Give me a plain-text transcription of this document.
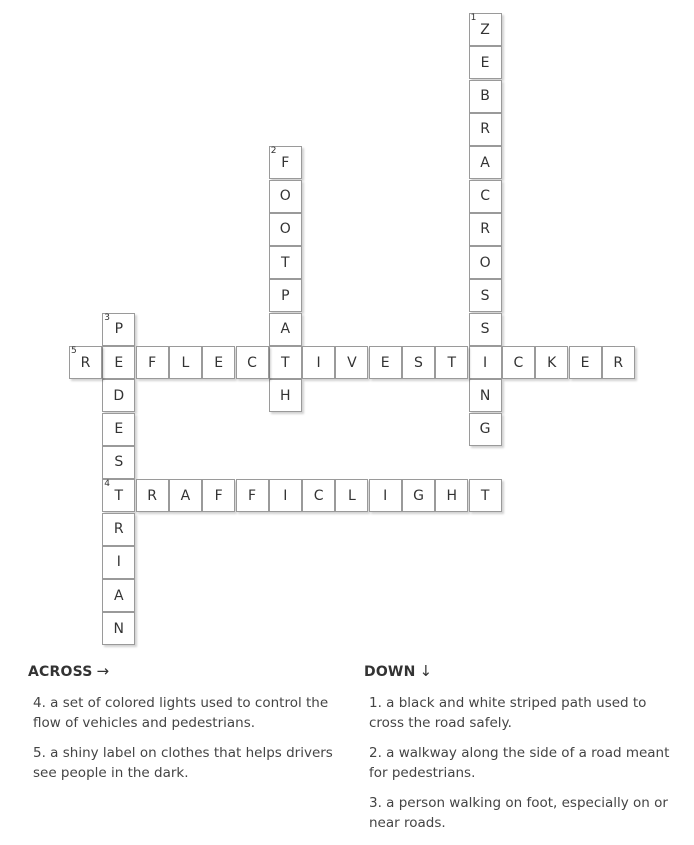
Z
1
E
B
R
A
C
R
O
S
S
I
N
G
F
2
O
O
T
P
A
T
H
P
3
E
D
E
S
T
4
R
I
A
N
R	A	F	F	I	C	L	I	G	H	T
R
5
F	L	E	C	I	V	E	S	T	C	K	E	R
ACROSS →
4. a set of colored lights used to control the flow of vehicles and pedestrians.
5. a shiny label on clothes that helps drivers see people in the dark.
DOWN ↓
1. a black and white striped path used to cross the road safely.
2. a walkway along the side of a road meant for pedestrians.
3. a person walking on foot, especially on or near roads.
